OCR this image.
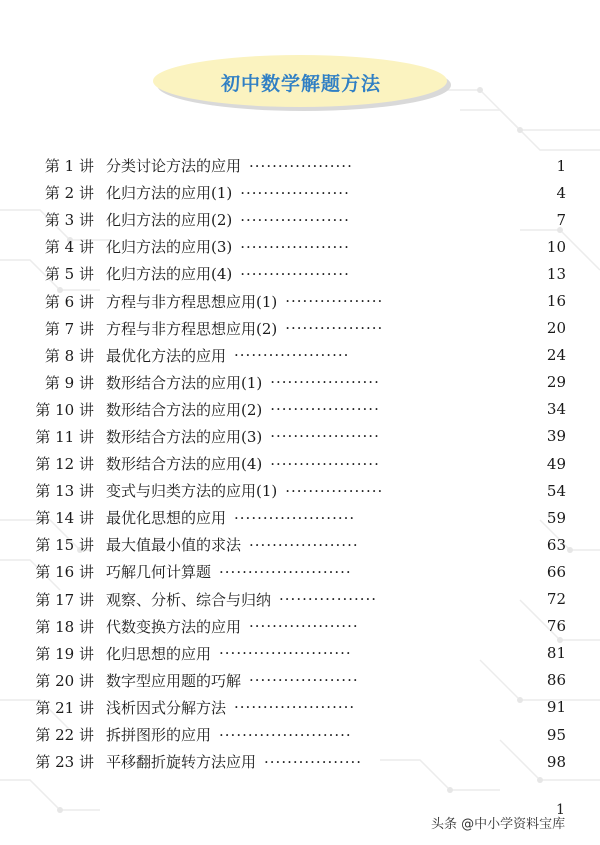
初中数学解题方法
第 1 讲 分类讨论方法的应用 ··················	1
第 2 讲 化归方法的应用(1) ···················	4
第 3 讲 化归方法的应用(2) ···················	7
第 4 讲 化归方法的应用(3) ···················	10
第 5 讲 化归方法的应用(4) ···················	13
第 6 讲 方程与非方程思想应用(1) ·················	16
第 7 讲 方程与非方程思想应用(2) ·················	20
第 8 讲 最优化方法的应用 ····················	24
第 9 讲 数形结合方法的应用(1) ···················	29
第 10 讲 数形结合方法的应用(2) ···················	34
第 11 讲 数形结合方法的应用(3) ···················	39
第 12 讲 数形结合方法的应用(4) ···················	49
第 13 讲 变式与归类方法的应用(1) ·················	54
第 14 讲 最优化思想的应用 ·····················	59
第 15 讲 最大值最小值的求法 ···················	63
第 16 讲 巧解几何计算题 ·······················	66
第 17 讲 观察、分析、综合与归纳 ·················	72
第 18 讲 代数变换方法的应用 ···················	76
第 19 讲 化归思想的应用 ·······················	81
第 20 讲 数字型应用题的巧解 ···················	86
第 21 讲 浅析因式分解方法 ·····················	91
第 22 讲 拆拼图形的应用 ·······················	95
第 23 讲 平移翻折旋转方法应用 ·················	98
1
头条 @中小学资料宝库
